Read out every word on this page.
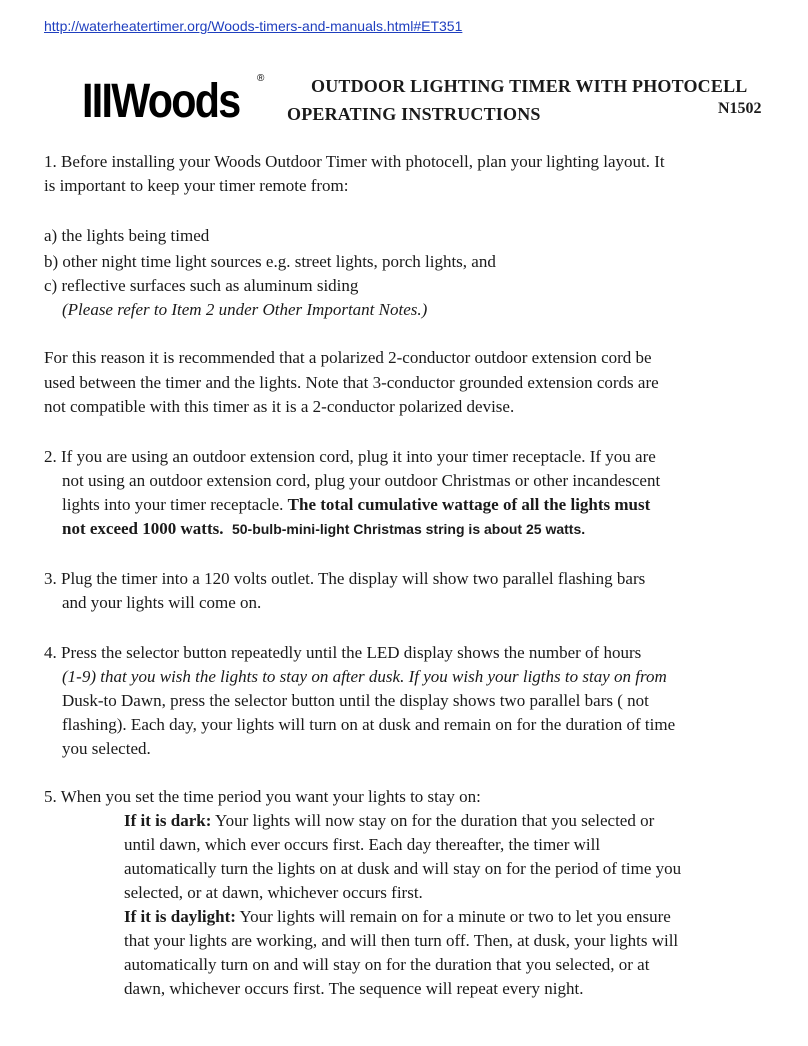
http://waterheatertimer.org/Woods-timers-and-manuals.html#ET351
IIIWoods ®	OUTDOOR LIGHTING TIMER WITH PHOTOCELL
OPERATING INSTRUCTIONS	N1502
1. Before installing your Woods Outdoor Timer with photocell, plan your lighting layout. It
is important to keep your timer remote from:
a) the lights being timed
b) other night time light sources e.g. street lights, porch lights, and
c) reflective surfaces such as aluminum siding
(Please refer to Item 2 under Other Important Notes.)
For this reason it is recommended that a polarized 2-conductor outdoor extension cord be
used between the timer and the lights. Note that 3-conductor grounded extension cords are
not compatible with this timer as it is a 2-conductor polarized devise.
2. If you are using an outdoor extension cord, plug it into your timer receptacle. If you are
not using an outdoor extension cord, plug your outdoor Christmas or other incandescent
lights into your timer receptacle. The total cumulative wattage of all the lights must
not exceed 1000 watts. 50-bulb-mini-light Christmas string is about 25 watts.
3. Plug the timer into a 120 volts outlet. The display will show two parallel flashing bars
and your lights will come on.
4. Press the selector button repeatedly until the LED display shows the number of hours
(1-9) that you wish the lights to stay on after dusk. If you wish your ligths to stay on from
Dusk-to Dawn, press the selector button until the display shows two parallel bars ( not
flashing). Each day, your lights will turn on at dusk and remain on for the duration of time
you selected.
5. When you set the time period you want your lights to stay on:
If it is dark: Your lights will now stay on for the duration that you selected or
until dawn, which ever occurs first. Each day thereafter, the timer will
automatically turn the lights on at dusk and will stay on for the period of time you
selected, or at dawn, whichever occurs first.
If it is daylight: Your lights will remain on for a minute or two to let you ensure
that your lights are working, and will then turn off. Then, at dusk, your lights will
automatically turn on and will stay on for the duration that you selected, or at
dawn, whichever occurs first. The sequence will repeat every night.
